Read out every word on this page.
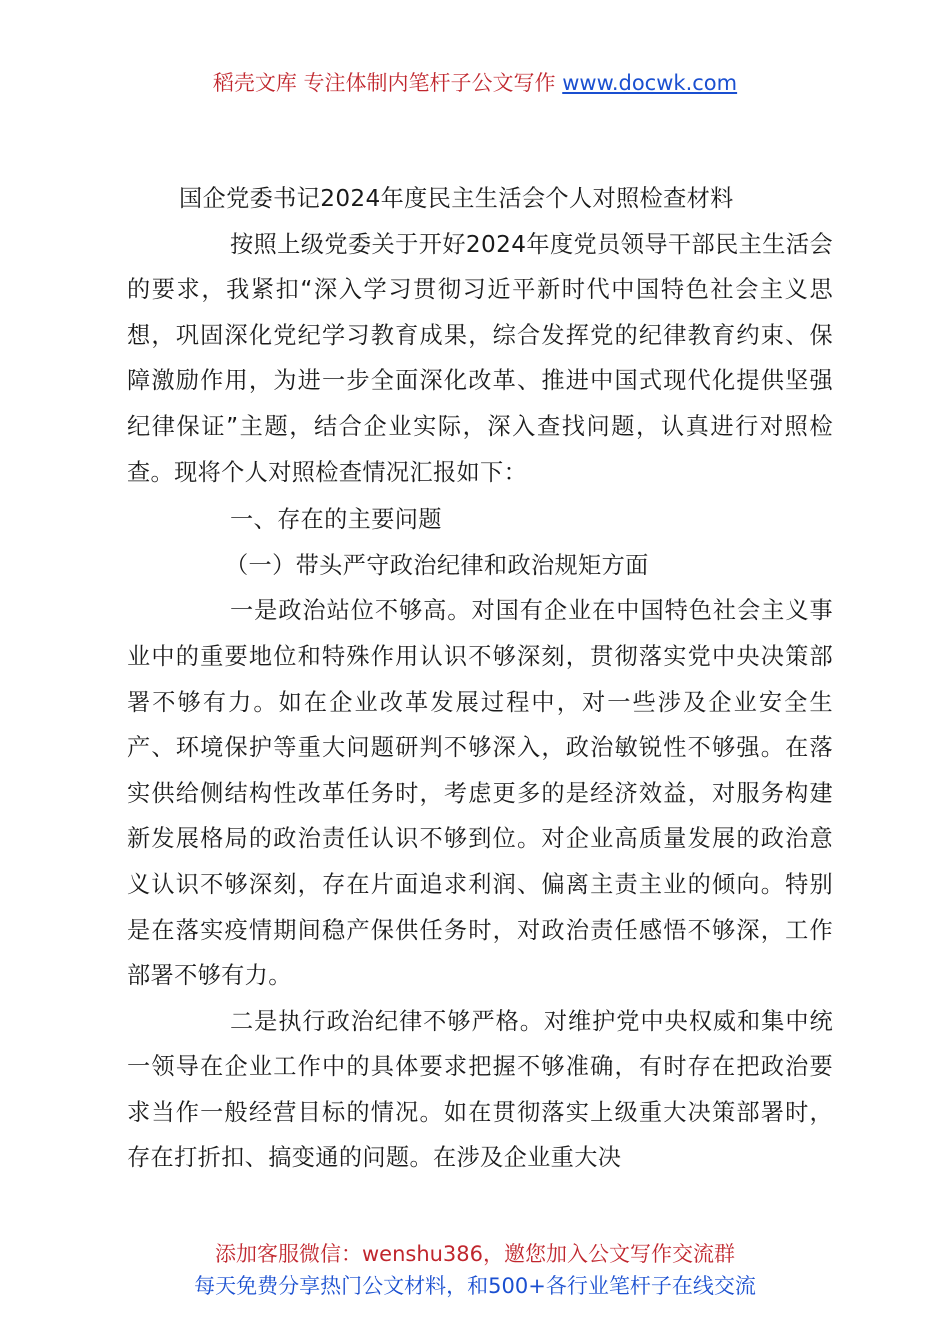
稻壳文库 专注体制内笔杆子公文写作 www.docwk.com

国企党委书记2024年度民主生活会个人对照检查材料

按照上级党委关于开好2024年度党员领导干部民主生活会的要求，我紧扣“深入学习贯彻习近平新时代中国特色社会主义思想，巩固深化党纪学习教育成果，综合发挥党的纪律教育约束、保障激励作用，为进一步全面深化改革、推进中国式现代化提供坚强纪律保证”主题，结合企业实际，深入查找问题，认真进行对照检查。现将个人对照检查情况汇报如下：

一、存在的主要问题

（一）带头严守政治纪律和政治规矩方面

一是政治站位不够高。对国有企业在中国特色社会主义事业中的重要地位和特殊作用认识不够深刻，贯彻落实党中央决策部署不够有力。如在企业改革发展过程中，对一些涉及企业安全生产、环境保护等重大问题研判不够深入，政治敏锐性不够强。在落实供给侧结构性改革任务时，考虑更多的是经济效益，对服务构建新发展格局的政治责任认识不够到位。对企业高质量发展的政治意义认识不够深刻，存在片面追求利润、偏离主责主业的倾向。特别是在落实疫情期间稳产保供任务时，对政治责任感悟不够深，工作部署不够有力。

二是执行政治纪律不够严格。对维护党中央权威和集中统一领导在企业工作中的具体要求把握不够准确，有时存在把政治要求当作一般经营目标的情况。如在贯彻落实上级重大决策部署时，存在打折扣、搞变通的问题。在涉及企业重大决

添加客服微信：wenshu386，邀您加入公文写作交流群
每天免费分享热门公文材料，和500+各行业笔杆子在线交流
